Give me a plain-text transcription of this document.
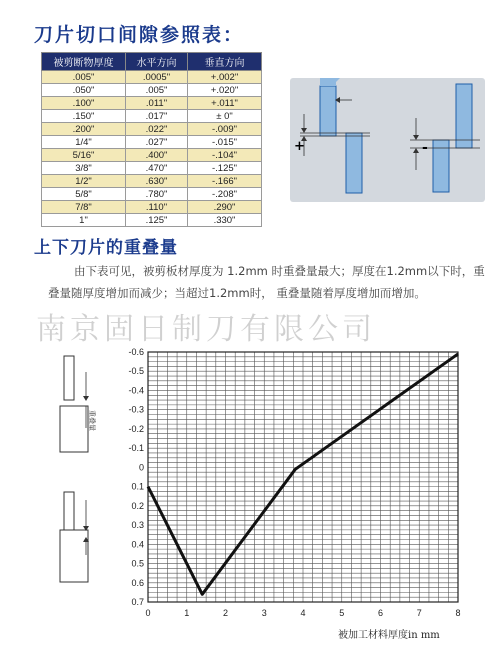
刀片切口间隙参照表：
被剪断物厚度	水平方向	垂直方向
.005"	.0005"	+.002"
.050"	.005"	+.020"
.100"	.011"	+.011"
.150"	.017"	± 0"
.200"	.022"	-.009"
1/4"	.027"	-.015"
5/16"	.400"	-.104"
3/8"	.470"	-.125"
1/2"	.630"	-.166"
5/8"	.780"	-.208"
7/8"	.110"	.290"
1"	.125"	.330"
+	-
上下刀片的重叠量
由下表可见，被剪板材厚度为 1.2mm 时重叠量最大；厚度在1.2mm以下时，重叠量随厚度增加而减少；当超过1.2mm时， 重叠量随着厚度增加而增加。
南京固日制刀有限公司
重叠量
-0.6
-0.5
-0.4
-0.3
-0.2
-0.1
0
0.1
0.2
0.3
0.4
0.5
0.6
0.7
0	1	2	3	4	5	6	7	8
被加工材料厚度in mm
